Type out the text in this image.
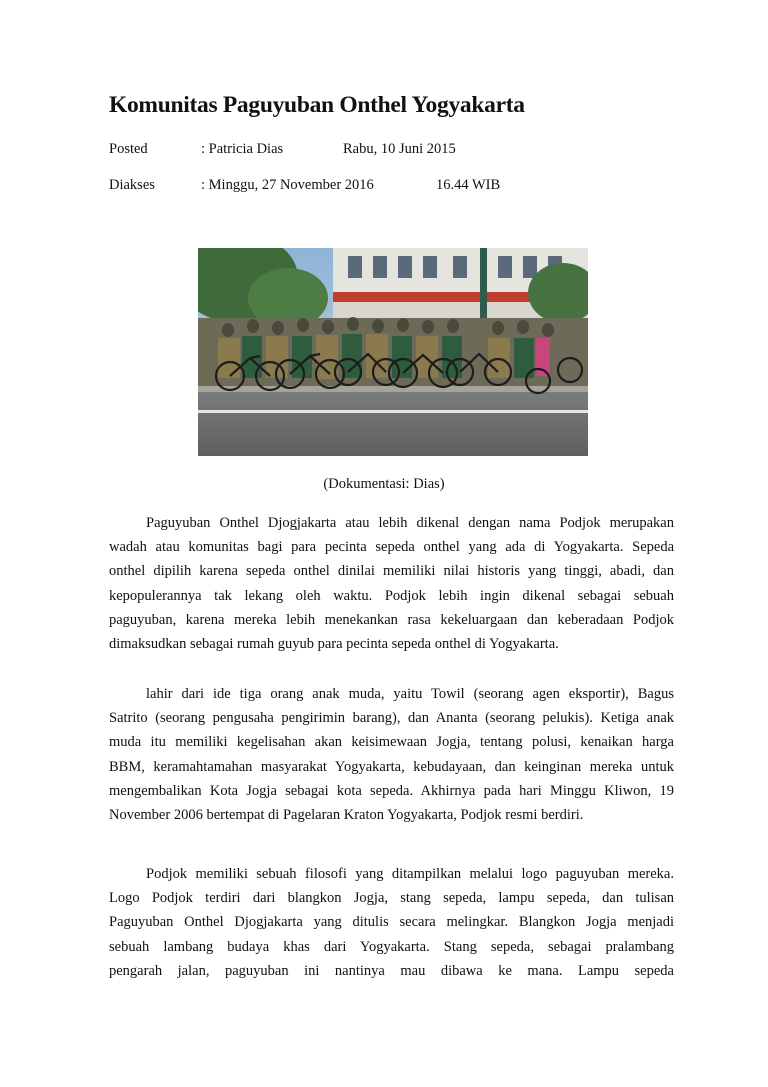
Komunitas Paguyuban Onthel Yogyakarta
Posted	: Patricia Dias	Rabu, 10 Juni 2015
Diakses	: Minggu, 27 November 2016	16.44 WIB
(Dokumentasi: Dias)
Paguyuban Onthel Djogjakarta atau lebih dikenal dengan nama Podjok merupakan
wadah atau komunitas bagi para pecinta sepeda onthel yang ada di Yogyakarta. Sepeda
onthel dipilih karena sepeda onthel dinilai memiliki nilai historis yang tinggi, abadi, dan
kepopulerannya tak lekang oleh waktu. Podjok lebih ingin dikenal sebagai sebuah
paguyuban, karena mereka lebih menekankan rasa kekeluargaan dan keberadaan Podjok
dimaksudkan sebagai rumah guyub para pecinta sepeda onthel di Yogyakarta.
lahir dari ide tiga orang anak muda, yaitu Towil (seorang agen eksportir), Bagus
Satrito (seorang pengusaha pengirimin barang), dan Ananta (seorang pelukis). Ketiga anak
muda itu memiliki kegelisahan akan keisimewaan Jogja, tentang polusi, kenaikan harga
BBM, keramahtamahan masyarakat Yogyakarta, kebudayaan, dan keinginan mereka untuk
mengembalikan Kota Jogja sebagai kota sepeda. Akhirnya pada hari Minggu Kliwon, 19
November 2006 bertempat di Pagelaran Kraton Yogyakarta, Podjok resmi berdiri.
Podjok memiliki sebuah filosofi yang ditampilkan melalui logo paguyuban mereka.
Logo Podjok terdiri dari blangkon Jogja, stang sepeda, lampu sepeda, dan tulisan
Paguyuban Onthel Djogjakarta yang ditulis secara melingkar. Blangkon Jogja menjadi
sebuah lambang budaya khas dari Yogyakarta. Stang sepeda, sebagai pralambang
pengarah jalan, paguyuban ini nantinya mau dibawa ke mana. Lampu sepeda
